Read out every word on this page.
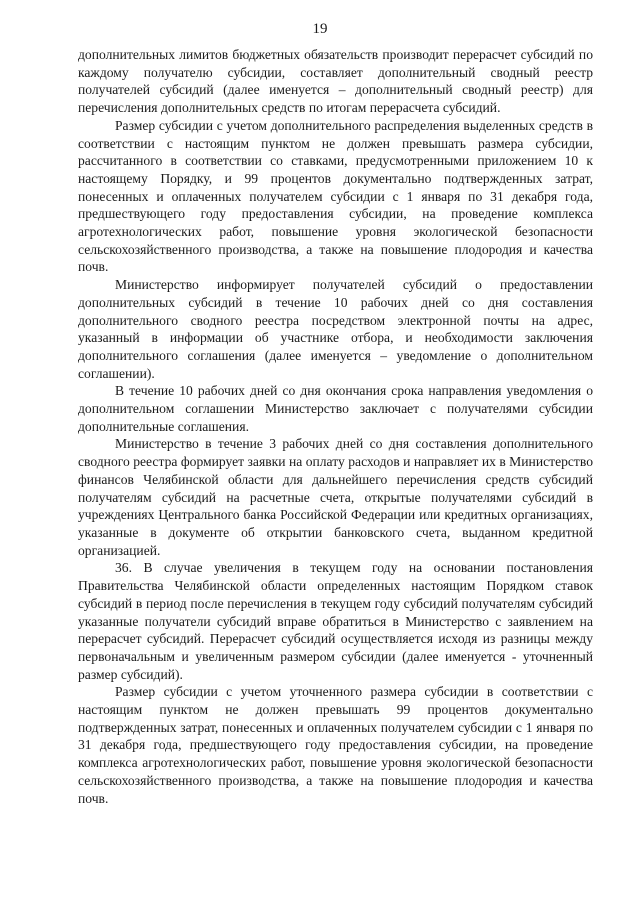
19

дополнительных лимитов бюджетных обязательств производит перерасчет субсидий по каждому получателю субсидии, составляет дополнительный сводный реестр получателей субсидий (далее именуется – дополнительный сводный реестр) для перечисления дополнительных средств по итогам перерасчета субсидий.

Размер субсидии с учетом дополнительного распределения выделенных средств в соответствии с настоящим пунктом не должен превышать размера субсидии, рассчитанного в соответствии со ставками, предусмотренными приложением 10 к настоящему Порядку, и 99 процентов документально подтвержденных затрат, понесенных и оплаченных получателем субсидии с 1 января по 31 декабря года, предшествующего году предоставления субсидии, на проведение комплекса агротехнологических работ, повышение уровня экологической безопасности сельскохозяйственного производства, а также на повышение плодородия и качества почв.

Министерство информирует получателей субсидий о предоставлении дополнительных субсидий в течение 10 рабочих дней со дня составления дополнительного сводного реестра посредством электронной почты на адрес, указанный в информации об участнике отбора, и необходимости заключения дополнительного соглашения (далее именуется – уведомление о дополнительном соглашении).

В течение 10 рабочих дней со дня окончания срока направления уведомления о дополнительном соглашении Министерство заключает с получателями субсидии дополнительные соглашения.

Министерство в течение 3 рабочих дней со дня составления дополнительного сводного реестра формирует заявки на оплату расходов и направляет их в Министерство финансов Челябинской области для дальнейшего перечисления средств субсидий получателям субсидий на расчетные счета, открытые получателями субсидий в учреждениях Центрального банка Российской Федерации или кредитных организациях, указанные в документе об открытии банковского счета, выданном кредитной организацией.

36. В случае увеличения в текущем году на основании постановления Правительства Челябинской области определенных настоящим Порядком ставок субсидий в период после перечисления в текущем году субсидий получателям субсидий указанные получатели субсидий вправе обратиться в Министерство с заявлением на перерасчет субсидий. Перерасчет субсидий осуществляется исходя из разницы между первоначальным и увеличенным размером субсидии (далее именуется - уточненный размер субсидий).

Размер субсидии с учетом уточненного размера субсидии в соответствии с настоящим пунктом не должен превышать 99 процентов документально подтвержденных затрат, понесенных и оплаченных получателем субсидии с 1 января по 31 декабря года, предшествующего году предоставления субсидии, на проведение комплекса агротехнологических работ, повышение уровня экологической безопасности сельскохозяйственного производства, а также на повышение плодородия и качества почв.
